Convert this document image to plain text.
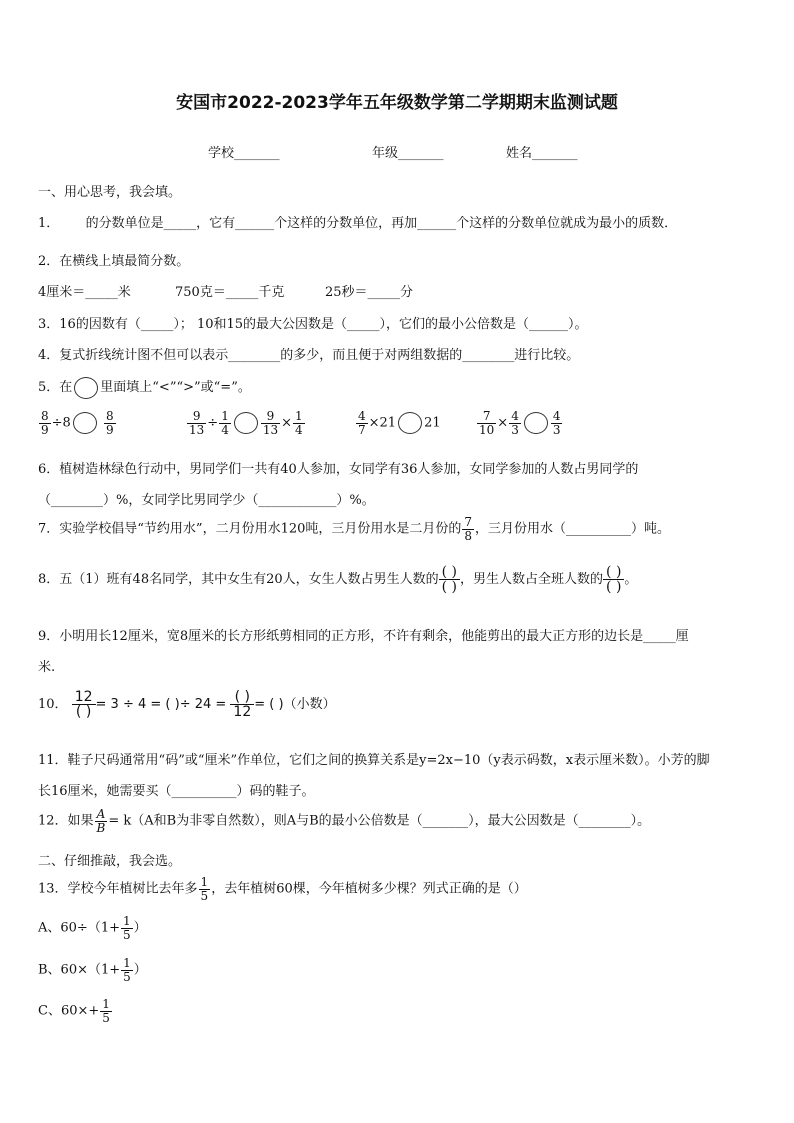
安国市2022-2023学年五年级数学第二学期期末监测试题
学校_______	年级_______	姓名_______
一、用心思考，我会填。
1． 的分数单位是_____，它有______个这样的分数单位，再加______个这样的分数单位就成为最小的质数．
2．在横线上填最简分数。
4厘米＝_____米	750克＝_____千克	25秒＝_____分
3．16的因数有（_____）； 10和15的最大公因数是（_____），它们的最小公倍数是（______）。
4．复式折线统计图不但可以表示________的多少，而且便于对两组数据的________进行比较。
5．在 里面填上“<”“>”或“=”。
$\frac{8}{9} \div 8$	$\frac{8}{9}$	$\frac{9}{13} \div \frac{1}{4}$	$\frac{9}{13} \times \frac{1}{4}$	$\frac{4}{7} \times 21$ 21	$\frac{7}{10} \times \frac{4}{3}$	$\frac{4}{3}$
6．植树造林绿色行动中，男同学们一共有40人参加，女同学有36人参加，女同学参加的人数占男同学的
（________）%，女同学比男同学少（____________）%。
7．实验学校倡导“节约用水”，二月份用水120吨，三月份用水是二月份的 $\frac{7}{8}$ ，三月份用水（__________）吨。
8．五（1）班有48名同学，其中女生有20人，女生人数占男生人数的 ( )
( ) ，男生人数占全班人数的 ( )
( ) 。
9．小明用长12厘米，宽8厘米的长方形纸剪相同的正方形，不许有剩余，他能剪出的最大正方形的边长是_____厘
米.
10． 12
( ) = 3 ÷ 4 = ( )÷ 24 = ( )
12 = ( )（小数）
11．鞋子尺码通常用“码”或“厘米”作单位，它们之间的换算关系是y=2x−10（y表示码数，x表示厘米数）。小芳的脚
长16厘米，她需要买（__________）码的鞋子。
12．如果 $\frac{A}{B} = k(A$和B为非零自然数），则A与B的最小公倍数是（_______），最大公因数是（________）。
二、仔细推敲，我会选。
13．学校今年植树比去年多 $\frac{1}{5}$ ，去年植树60棵，今年植树多少棵？列式正确的是（）
A、$60\div(1+ \frac{1}{5}$ ）
B、$60\times(1+ \frac{1}{5}$ ）
C、$60\times+ \frac{1}{5}$
